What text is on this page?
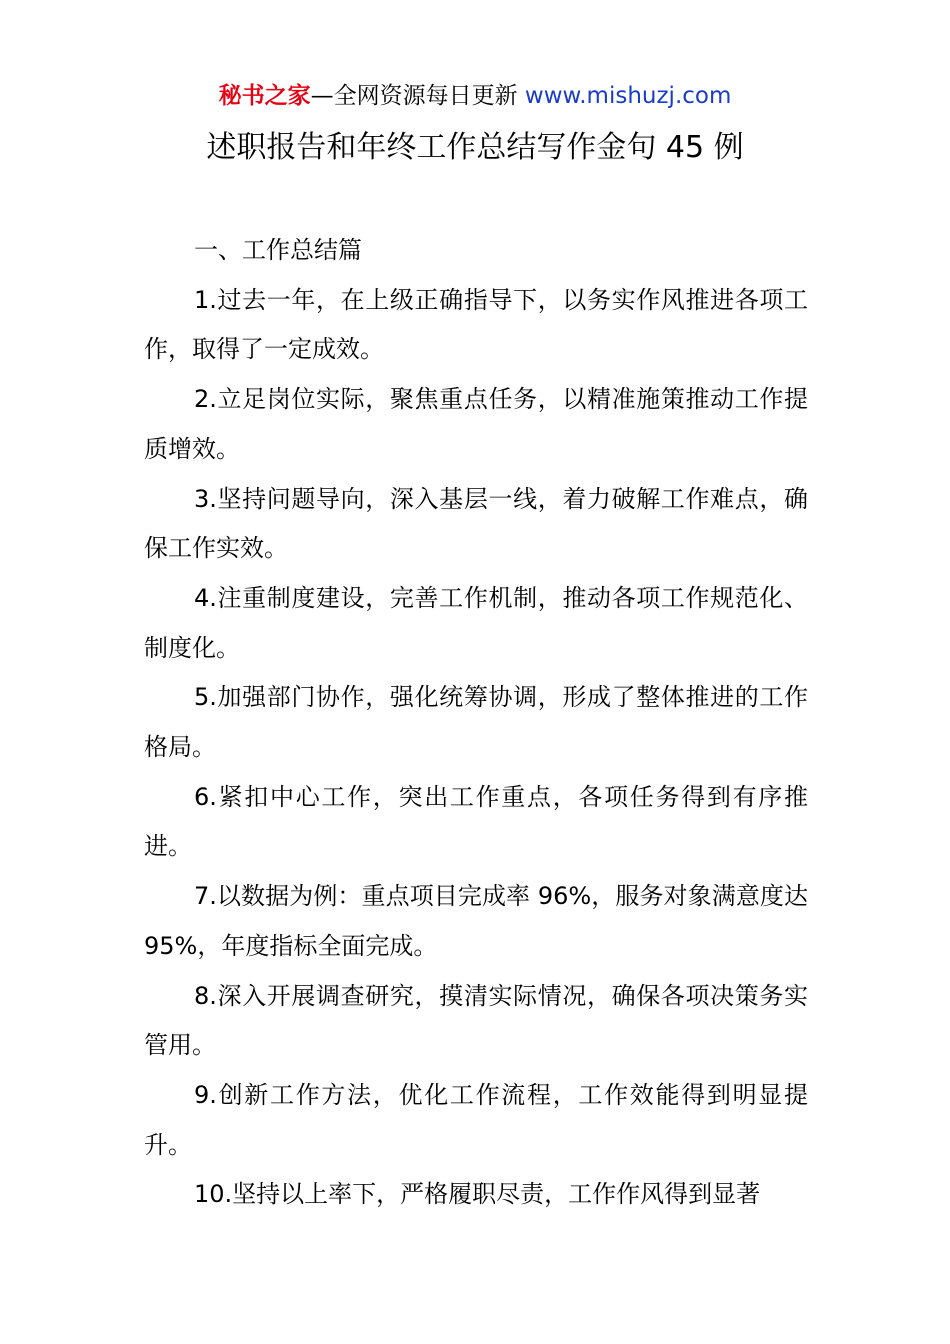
秘书之家—全网资源每日更新 www.mishuzj.com
述职报告和年终工作总结写作金句 45 例

一、工作总结篇

1.过去一年，在上级正确指导下，以务实作风推进各项工作，取得了一定成效。

2.立足岗位实际，聚焦重点任务，以精准施策推动工作提质增效。

3.坚持问题导向，深入基层一线，着力破解工作难点，确保工作实效。

4.注重制度建设，完善工作机制，推动各项工作规范化、制度化。

5.加强部门协作，强化统筹协调，形成了整体推进的工作格局。

6.紧扣中心工作，突出工作重点，各项任务得到有序推进。

7.以数据为例：重点项目完成率 96%，服务对象满意度达 95%，年度指标全面完成。

8.深入开展调查研究，摸清实际情况，确保各项决策务实管用。

9.创新工作方法，优化工作流程，工作效能得到明显提升。

10.坚持以上率下，严格履职尽责，工作作风得到显著
